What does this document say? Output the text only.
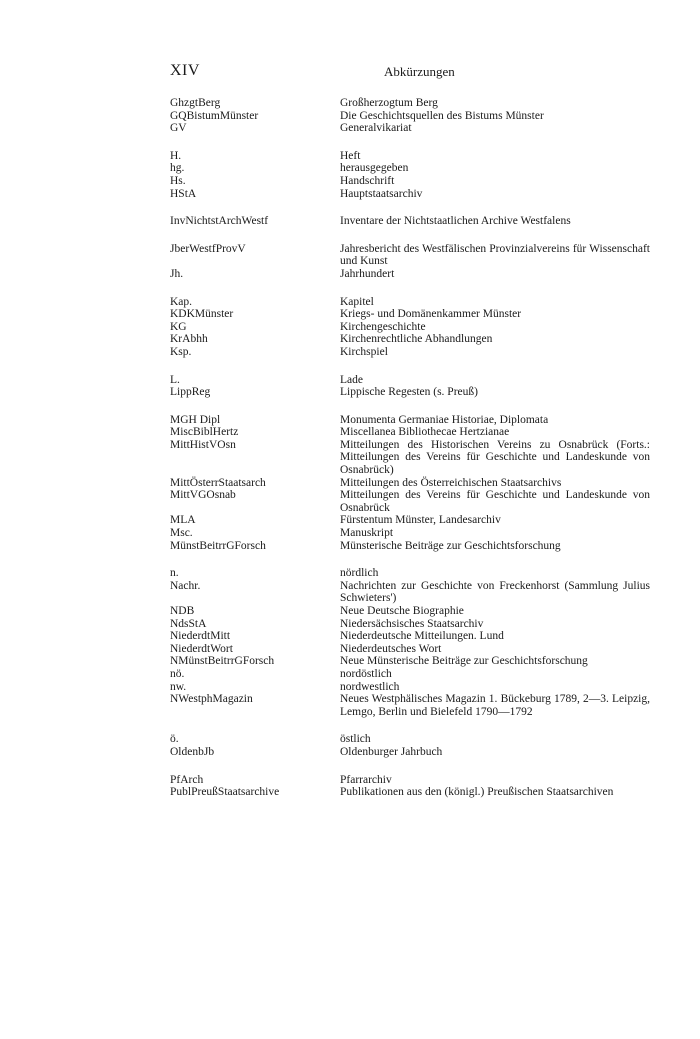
XIV	Abkürzungen
GhzgtBerg	Großherzogtum Berg
GQBistumMünster	Die Geschichtsquellen des Bistums Münster
GV	Generalvikariat
H.	Heft
hg.	herausgegeben
Hs.	Handschrift
HStA	Hauptstaatsarchiv
InvNichtstArchWestf	Inventare der Nichtstaatlichen Archive Westfalens
JberWestfProvV	Jahresbericht des Westfälischen Provinzialvereins für Wissenschaft und Kunst
Jh.	Jahrhundert
Kap.	Kapitel
KDKMünster	Kriegs- und Domänenkammer Münster
KG	Kirchengeschichte
KrAbhh	Kirchenrechtliche Abhandlungen
Ksp.	Kirchspiel
L.	Lade
LippReg	Lippische Regesten (s. Preuß)
MGH Dipl	Monumenta Germaniae Historiae, Diplomata
MiscBiblHertz	Miscellanea Bibliothecae Hertzianae
MittHistVOsn	Mitteilungen des Historischen Vereins zu Osnabrück (Forts.: Mitteilungen des Vereins für Geschichte und Landeskunde von Osnabrück)
MittÖsterrStaatsarch	Mitteilungen des Österreichischen Staatsarchivs
MittVGOsnab	Mitteilungen des Vereins für Geschichte und Landeskunde von Osnabrück
MLA	Fürstentum Münster, Landesarchiv
Msc.	Manuskript
MünstBeitrrGForsch	Münsterische Beiträge zur Geschichtsforschung
n.	nördlich
Nachr.	Nachrichten zur Geschichte von Freckenhorst (Sammlung Julius Schwieters')
NDB	Neue Deutsche Biographie
NdsStA	Niedersächsisches Staatsarchiv
NiederdtMitt	Niederdeutsche Mitteilungen. Lund
NiederdtWort	Niederdeutsches Wort
NMünstBeitrrGForsch	Neue Münsterische Beiträge zur Geschichtsforschung
nö.	nordöstlich
nw.	nordwestlich
NWestphMagazin	Neues Westphälisches Magazin 1. Bückeburg 1789, 2—3. Leipzig, Lemgo, Berlin und Bielefeld 1790—1792
ö.	östlich
OldenbJb	Oldenburger Jahrbuch
PfArch	Pfarrarchiv
PublPreußStaatsarchive	Publikationen aus den (königl.) Preußischen Staatsarchiven
